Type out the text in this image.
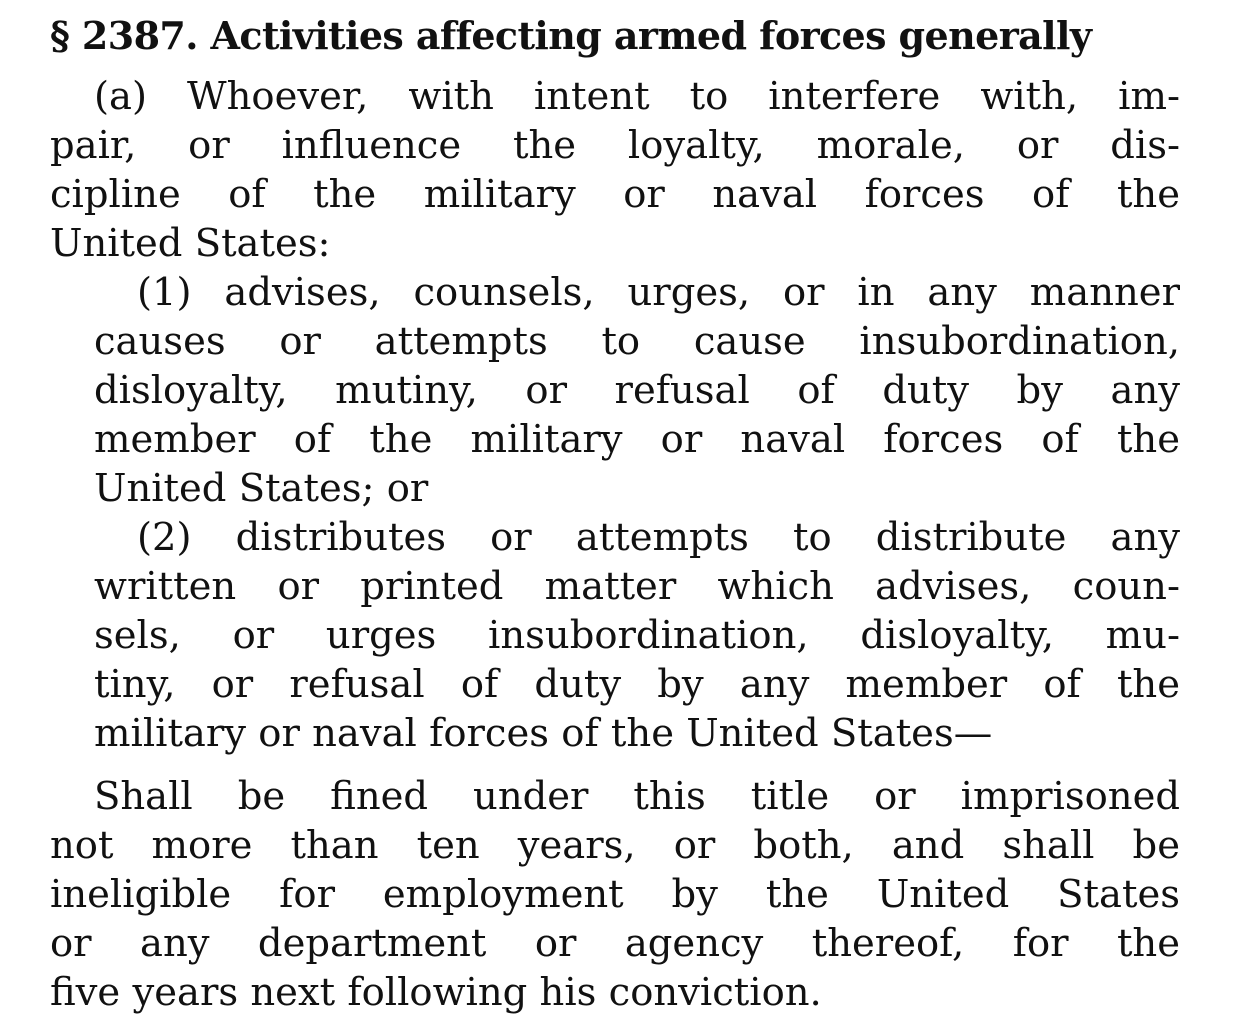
§ 2387. Activities affecting armed forces generally
(a) Whoever, with intent to interfere with, im-
pair, or influence the loyalty, morale, or dis-
cipline of the military or naval forces of the
United States:
(1) advises, counsels, urges, or in any manner
causes or attempts to cause insubordination,
disloyalty, mutiny, or refusal of duty by any
member of the military or naval forces of the
United States; or
(2) distributes or attempts to distribute any
written or printed matter which advises, coun-
sels, or urges insubordination, disloyalty, mu-
tiny, or refusal of duty by any member of the
military or naval forces of the United States—
Shall be fined under this title or imprisoned
not more than ten years, or both, and shall be
ineligible for employment by the United States
or any department or agency thereof, for the
five years next following his conviction.
